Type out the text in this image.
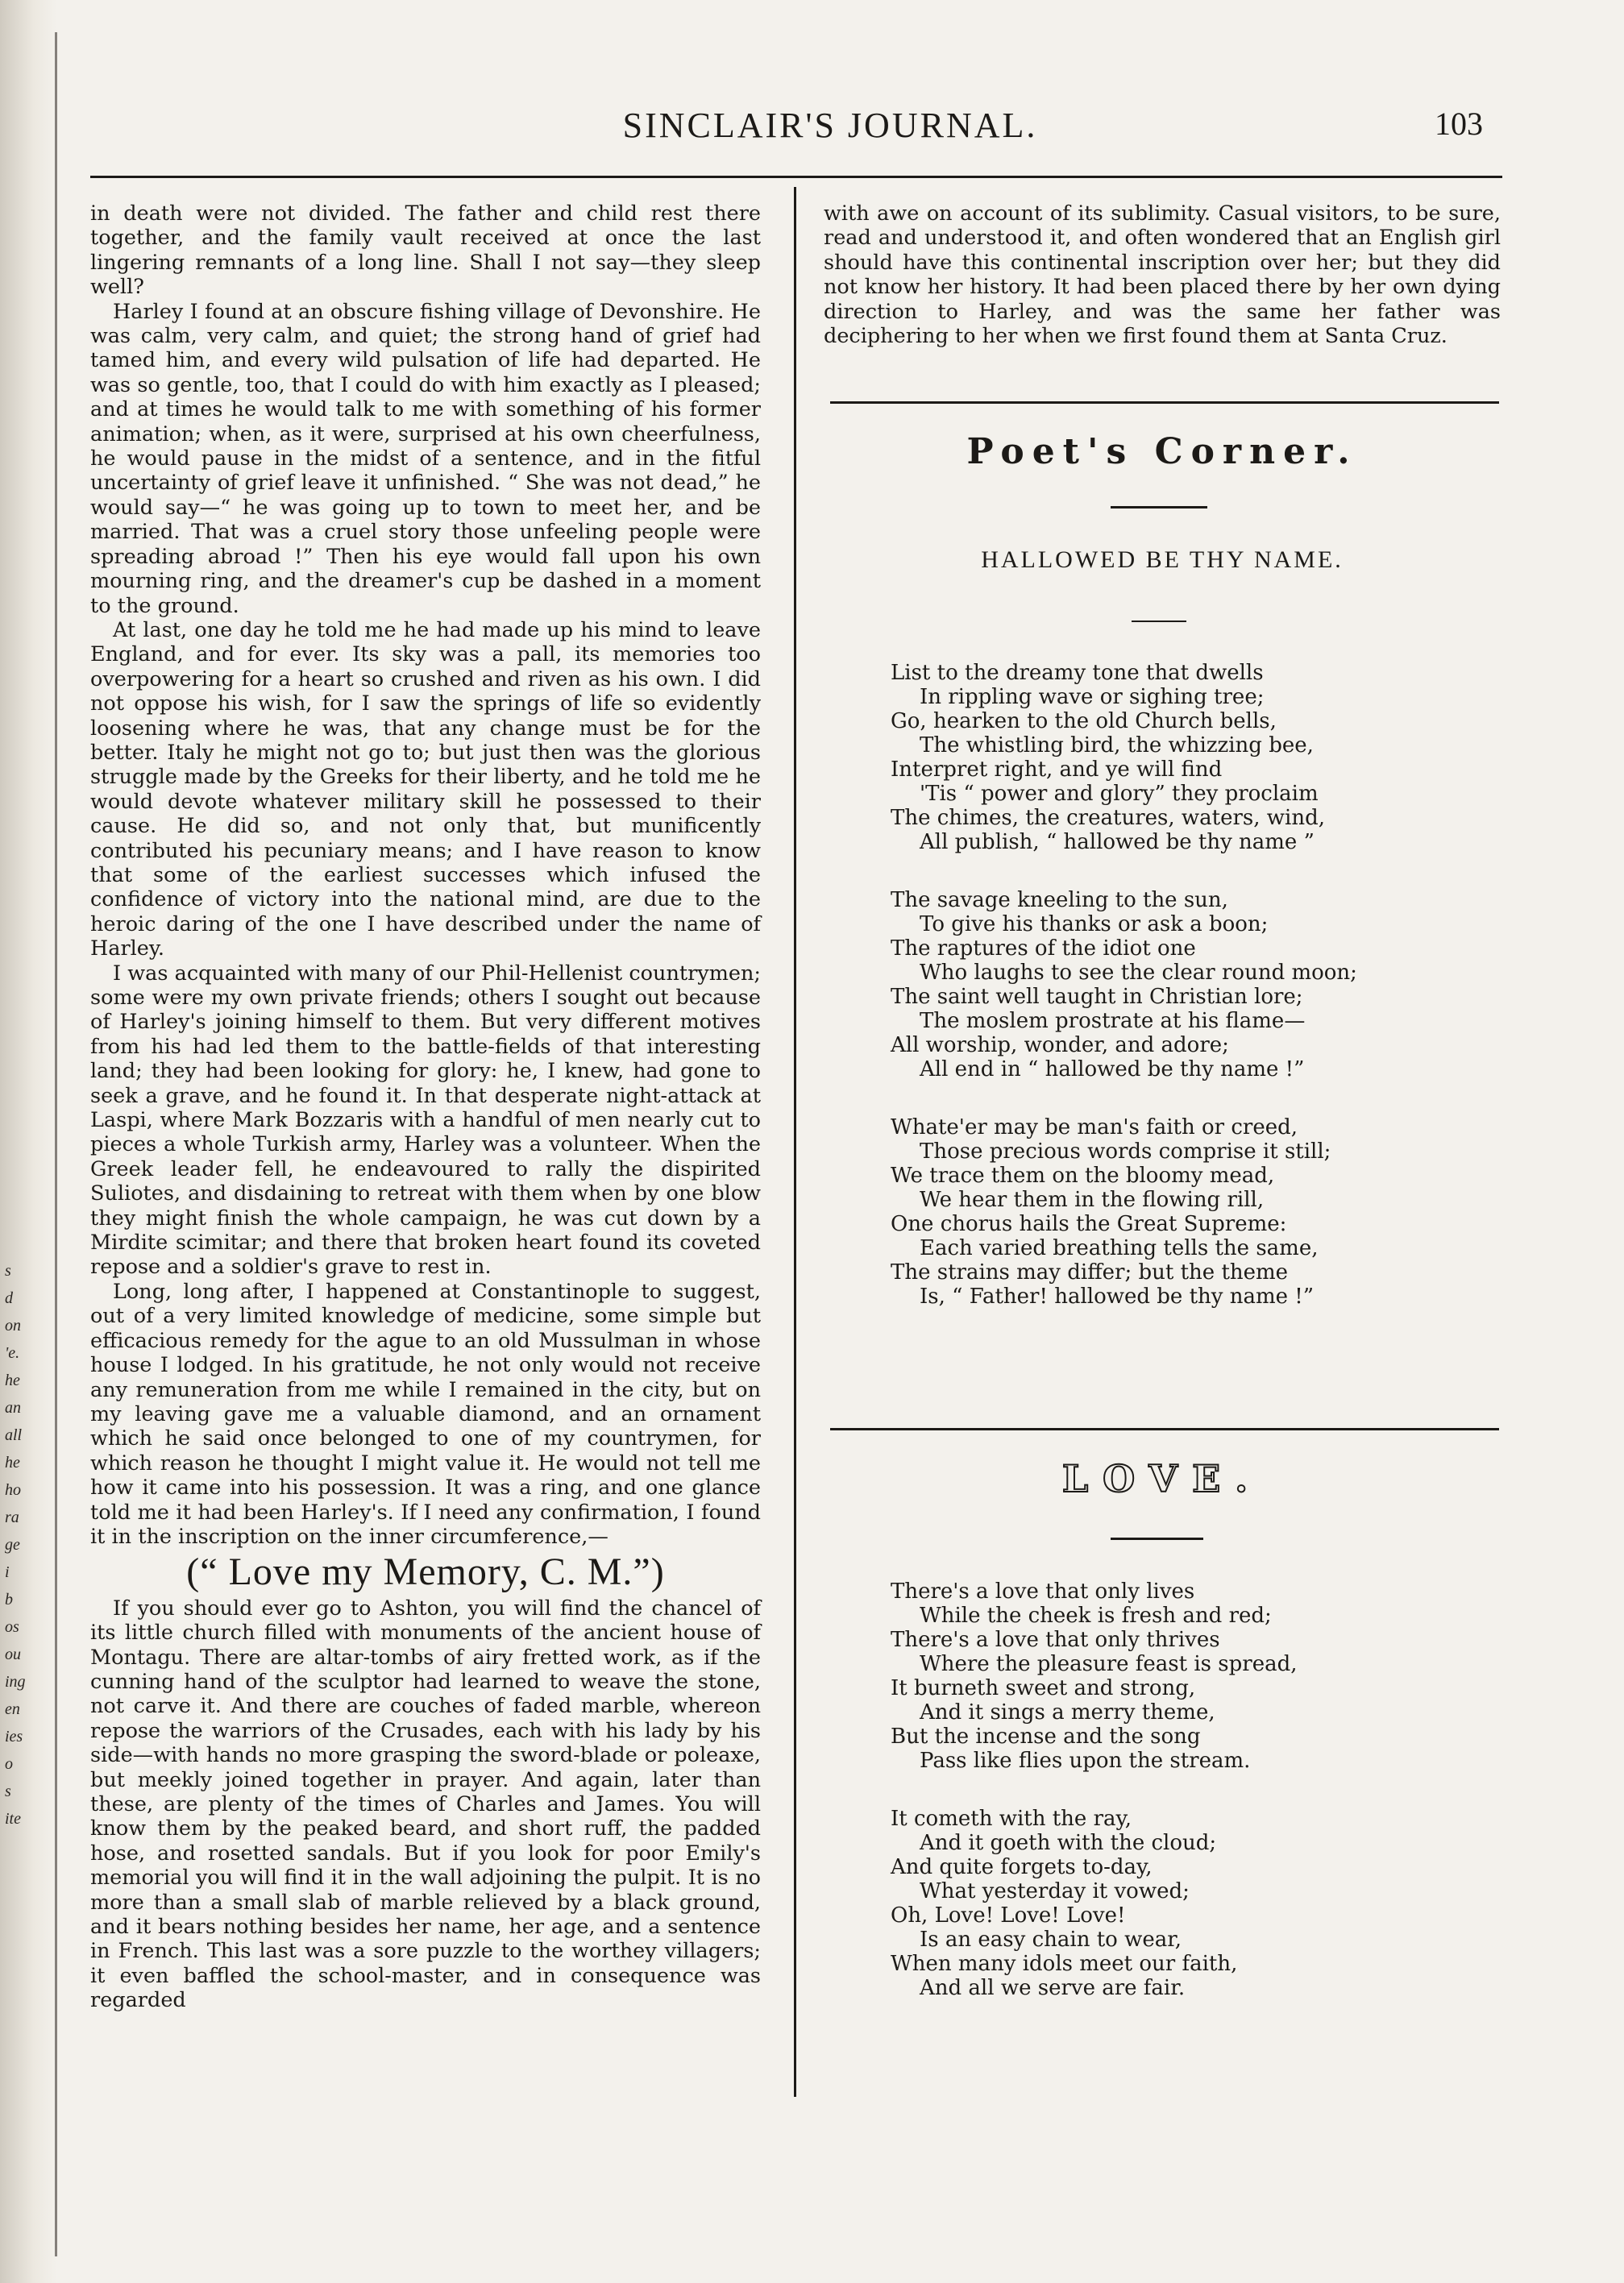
s
d
on
'e.
he
an
all
he
ho
ra
ge
i
b
os
ou
ing
en
ies
o
s
ite
SINCLAIR'S JOURNAL.	103

in death were not divided. The father and child rest there together, and the family vault received at once the last lingering remnants of a long line. Shall I not say—they sleep well?

Harley I found at an obscure fishing village of Devonshire. He was calm, very calm, and quiet; the strong hand of grief had tamed him, and every wild pulsation of life had departed. He was so gentle, too, that I could do with him exactly as I pleased; and at times he would talk to me with something of his former animation; when, as it were, surprised at his own cheerfulness, he would pause in the midst of a sentence, and in the fitful uncertainty of grief leave it unfinished. “ She was not dead,” he would say—“ he was going up to town to meet her, and be married. That was a cruel story those unfeeling people were spreading abroad !” Then his eye would fall upon his own mourning ring, and the dreamer's cup be dashed in a moment to the ground.

At last, one day he told me he had made up his mind to leave England, and for ever. Its sky was a pall, its memories too overpowering for a heart so crushed and riven as his own. I did not oppose his wish, for I saw the springs of life so evidently loosening where he was, that any change must be for the better. Italy he might not go to; but just then was the glorious struggle made by the Greeks for their liberty, and he told me he would devote whatever military skill he possessed to their cause. He did so, and not only that, but munificently contributed his pecuniary means; and I have reason to know that some of the earliest successes which infused the confidence of victory into the national mind, are due to the heroic daring of the one I have described under the name of Harley.

I was acquainted with many of our Phil-Hellenist countrymen; some were my own private friends; others I sought out because of Harley's joining himself to them. But very different motives from his had led them to the battle-fields of that interesting land; they had been looking for glory: he, I knew, had gone to seek a grave, and he found it. In that desperate night-attack at Laspi, where Mark Bozzaris with a handful of men nearly cut to pieces a whole Turkish army, Harley was a volunteer. When the Greek leader fell, he endeavoured to rally the dispirited Suliotes, and disdaining to retreat with them when by one blow they might finish the whole campaign, he was cut down by a Mirdite scimitar; and there that broken heart found its coveted repose and a soldier's grave to rest in.

Long, long after, I happened at Constantinople to suggest, out of a very limited knowledge of medicine, some simple but efficacious remedy for the ague to an old Mussulman in whose house I lodged. In his gratitude, he not only would not receive any remuneration from me while I remained in the city, but on my leaving gave me a valuable diamond, and an ornament which he said once belonged to one of my countrymen, for which reason he thought I might value it. He would not tell me how it came into his possession. It was a ring, and one glance told me it had been Harley's. If I need any confirmation, I found it in the inscription on the inner circumference,—

(“ Love my Memory, C. M.”)

If you should ever go to Ashton, you will find the chancel of its little church filled with monuments of the ancient house of Montagu. There are altar-tombs of airy fretted work, as if the cunning hand of the sculptor had learned to weave the stone, not carve it. And there are couches of faded marble, whereon repose the warriors of the Crusades, each with his lady by his side—with hands no more grasping the sword-blade or poleaxe, but meekly joined together in prayer. And again, later than these, are plenty of the times of Charles and James. You will know them by the peaked beard, and short ruff, the padded hose, and rosetted sandals. But if you look for poor Emily's memorial you will find it in the wall adjoining the pulpit. It is no more than a small slab of marble relieved by a black ground, and it bears nothing besides her name, her age, and a sentence in French. This last was a sore puzzle to the worthey villagers; it even baffled the school-master, and in consequence was regarded

with awe on account of its sublimity. Casual visitors, to be sure, read and understood it, and often wondered that an English girl should have this continental inscription over her; but they did not know her history. It had been placed there by her own dying direction to Harley, and was the same her father was deciphering to her when we first found them at Santa Cruz.

Poet's Corner.
HALLOWED BE THY NAME.
List to the dreamy tone that dwells
In rippling wave or sighing tree;
Go, hearken to the old Church bells,
The whistling bird, the whizzing bee,
Interpret right, and ye will find
'Tis “ power and glory” they proclaim
The chimes, the creatures, waters, wind,
All publish, “ hallowed be thy name ”
The savage kneeling to the sun,
To give his thanks or ask a boon;
The raptures of the idiot one
Who laughs to see the clear round moon;
The saint well taught in Christian lore;
The moslem prostrate at his flame—
All worship, wonder, and adore;
All end in “ hallowed be thy name !”
Whate'er may be man's faith or creed,
Those precious words comprise it still;
We trace them on the bloomy mead,
We hear them in the flowing rill,
One chorus hails the Great Supreme:
Each varied breathing tells the same,
The strains may differ; but the theme
Is, “ Father! hallowed be thy name !”
LOVE.
There's a love that only lives
While the cheek is fresh and red;
There's a love that only thrives
Where the pleasure feast is spread,
It burneth sweet and strong,
And it sings a merry theme,
But the incense and the song
Pass like flies upon the stream.
It cometh with the ray,
And it goeth with the cloud;
And quite forgets to-day,
What yesterday it vowed;
Oh, Love! Love! Love!
Is an easy chain to wear,
When many idols meet our faith,
And all we serve are fair.
